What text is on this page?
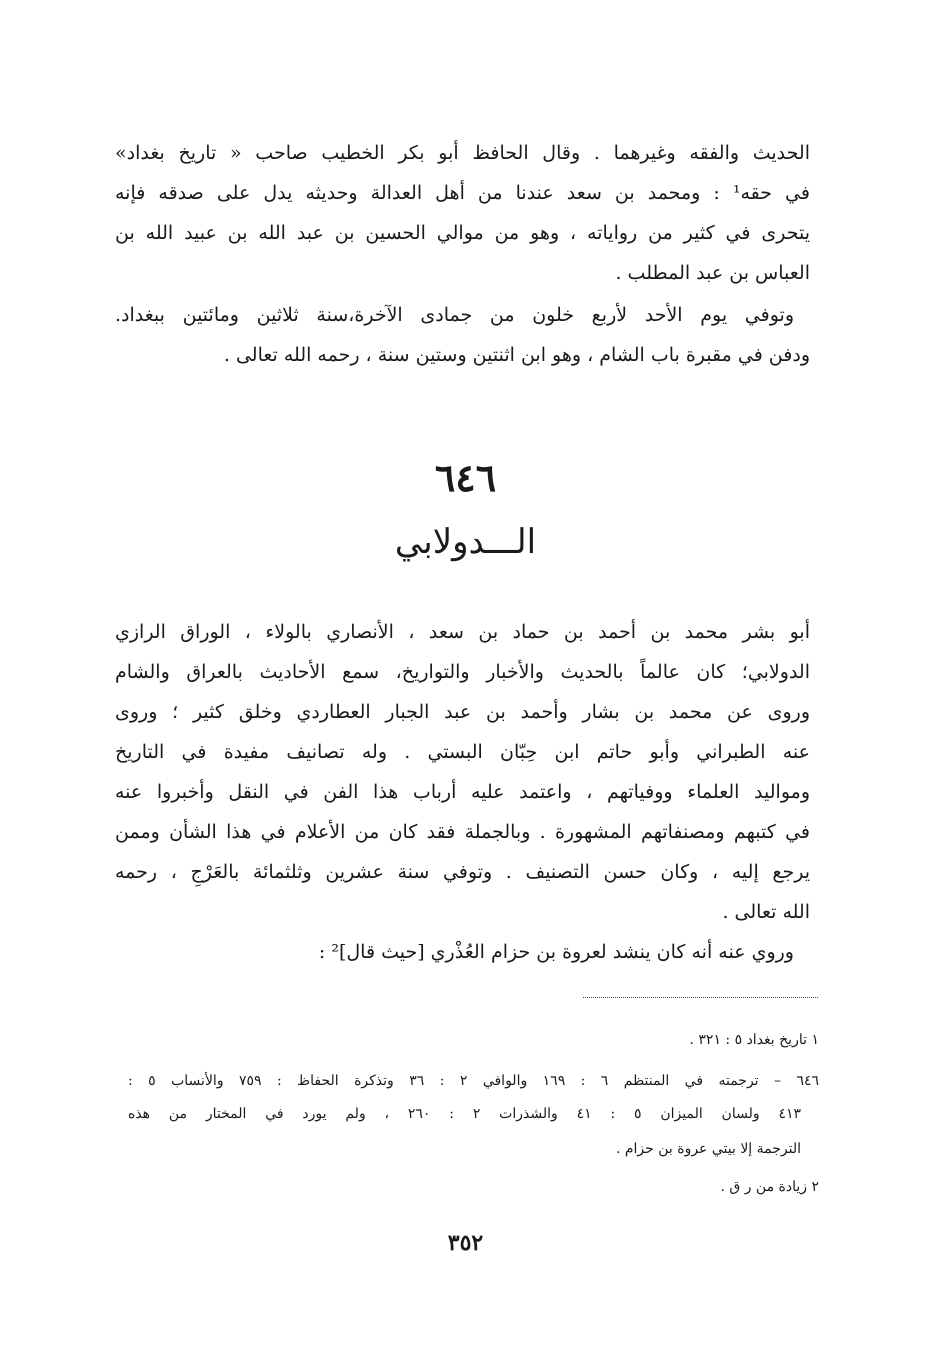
الحديث والفقه وغيرهما . وقال الحافظ أبو بكر الخطيب صاحب « تاريخ بغداد»
في حقه¹ : ومحمد بن سعد عندنا من أهل العدالة وحديثه يدل على صدقه فإنه
يتحرى في كثير من رواياته ، وهو من موالي الحسين بن عبد الله بن عبيد الله بن
العباس بن عبد المطلب .
وتوفي يوم الأحد لأربع خلون من جمادى الآخرة،سنة ثلاثين ومائتين ببغداد.
ودفن في مقبرة باب الشام ، وهو ابن اثنتين وستين سنة ، رحمه الله تعالى .
٦٤٦
الـــدولابي
أبو بشر محمد بن أحمد بن حماد بن سعد ، الأنصاري بالولاء ، الوراق الرازي
الدولابي؛ كان عالماً بالحديث والأخبار والتواريخ، سمع الأحاديث بالعراق والشام
وروى عن محمد بن بشار وأحمد بن عبد الجبار العطاردي وخلق كثير ؛ وروى
عنه الطبراني وأبو حاتم ابن حِبّان البستي . وله تصانيف مفيدة في التاريخ
ومواليد العلماء ووفياتهم ، واعتمد عليه أرباب هذا الفن في النقل وأخبروا عنه
في كتبهم ومصنفاتهم المشهورة . وبالجملة فقد كان من الأعلام في هذا الشأن وممن
يرجع إليه ، وكان حسن التصنيف . وتوفي سنة عشرين وثلثمائة بالعَرْجِ ، رحمه
الله تعالى .
وروي عنه أنه كان ينشد لعروة بن حزام العُذْري [حيث قال]² :
١ تاريخ بغداد ٥ : ٣٢١ .
٦٤٦ – ترجمته في المنتظم ٦ : ١٦٩ والوافي ٢ : ٣٦ وتذكرة الحفاظ : ٧٥٩ والأنساب ٥ :
٤١٣ ولسان الميزان ٥ : ٤١ والشذرات ٢ : ٢٦٠ ، ولم يورد في المختار من هذه
الترجمة إلا بيتي عروة بن حزام .
٢ زيادة من ر ق .
٣٥٢
